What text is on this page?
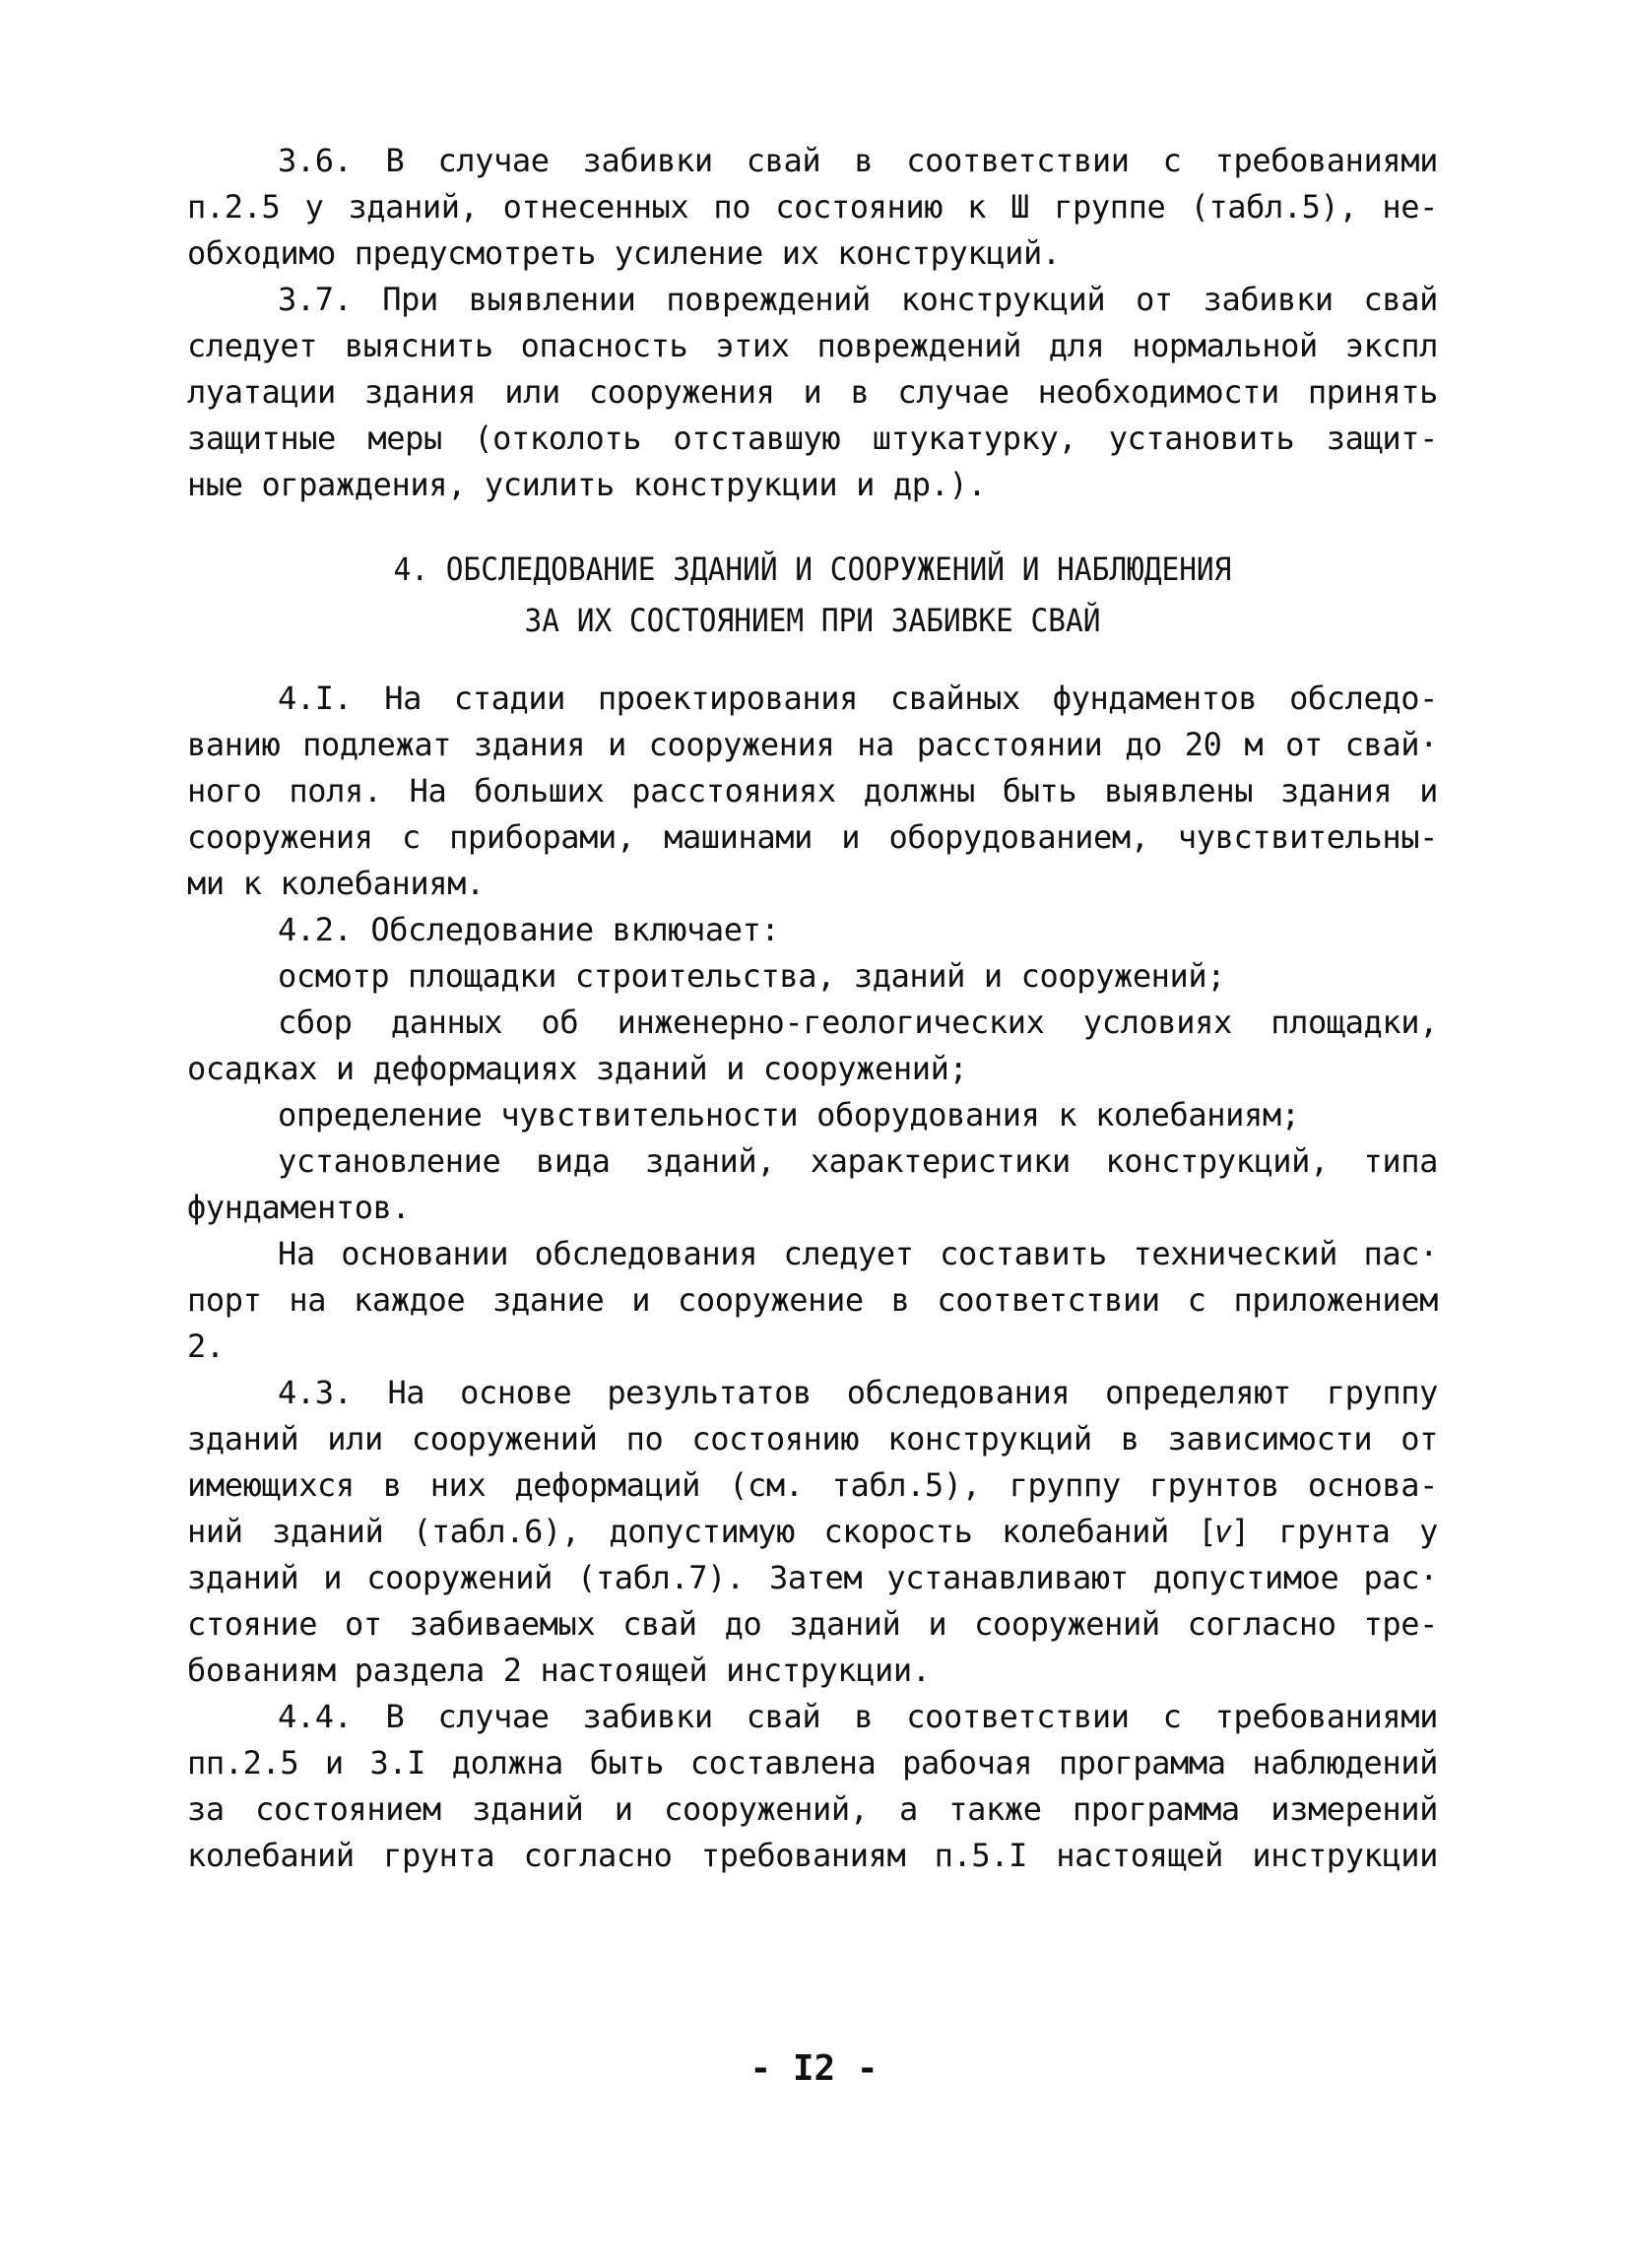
3.6. В случае забивки свай в соответствии с требованиями
п.2.5 у зданий, отнесенных по состоянию к Ш группе (табл.5), не-
обходимо предусмотреть усиление их конструкций.
3.7. При выявлении повреждений конструкций от забивки свай
следует выяснить опасность этих повреждений для нормальной экспл
луатации здания или сооружения и в случае необходимости принять
защитные меры (отколоть отставшую штукатурку, установить защит-
ные ограждения, усилить конструкции и др.).
4. ОБСЛЕДОВАНИЕ ЗДАНИЙ И СООРУЖЕНИЙ И НАБЛЮДЕНИЯ
ЗА ИХ СОСТОЯНИЕМ ПРИ ЗАБИВКЕ СВАЙ
4.I. На стадии проектирования свайных фундаментов обследо-
ванию подлежат здания и сооружения на расстоянии до 20 м от свай·
ного поля. На больших расстояниях должны быть выявлены здания и
сооружения с приборами, машинами и оборудованием, чувствительны-
ми к колебаниям.
4.2. Обследование включает:
осмотр площадки строительства, зданий и сооружений;
сбор данных об инженерно-геологических условиях площадки,
осадках и деформациях зданий и сооружений;
определение чувствительности оборудования к колебаниям;
установление вида зданий, характеристики конструкций, типа
фундаментов.
На основании обследования следует составить технический пас·
порт на каждое здание и сооружение в соответствии с приложением
2.
4.3. На основе результатов обследования определяют группу
зданий или сооружений по состоянию конструкций в зависимости от
имеющихся в них деформаций (см. табл.5), группу грунтов основа-
ний зданий (табл.6), допустимую скорость колебаний [𝑣] грунта у
зданий и сооружений (табл.7). Затем устанавливают допустимое рас·
стояние от забиваемых свай до зданий и сооружений согласно тре-
бованиям раздела 2 настоящей инструкции.
4.4. В случае забивки свай в соответствии с требованиями
пп.2.5 и 3.I должна быть составлена рабочая программа наблюдений
за состоянием зданий и сооружений, а также программа измерений
колебаний грунта согласно требованиям п.5.I настоящей инструкции
- I2 -
